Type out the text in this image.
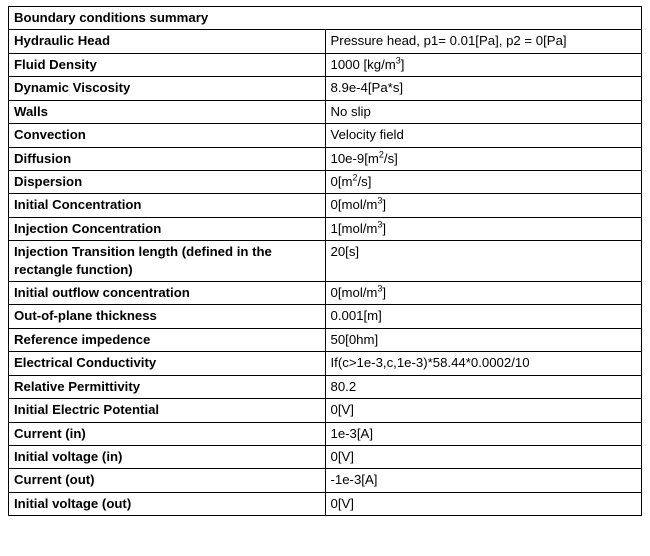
Boundary conditions summary	
Hydraulic Head	Pressure head, p1= 0.01[Pa], p2 = 0[Pa]
Fluid Density	1000 $[kg/m^3]$
Dynamic Viscosity	8.9e-4[Pa*s]
Walls	No slip
Convection	Velocity field
Diffusion	$10e-9[m^2/s]$
Dispersion	$0[m^2/s]$
Initial Concentration	$0[mol/m^3]$
Injection Concentration	$1[mol/m^3]$
Injection Transition length (defined in the rectangle function)	20[s]
Initial outflow concentration	$0[mol/m^3]$
Out-of-plane thickness	0.001[m]
Reference impedence	50[0hm]
Electrical Conductivity	If(c>1e-3,c,1e-3)*58.44*0.0002/10
Relative Permittivity	80.2
Initial Electric Potential	0[V]
Current (in)	1e-3[A]
Initial voltage (in)	0[V]
Current (out)	-1e-3[A]
Initial voltage (out)	0[V]
